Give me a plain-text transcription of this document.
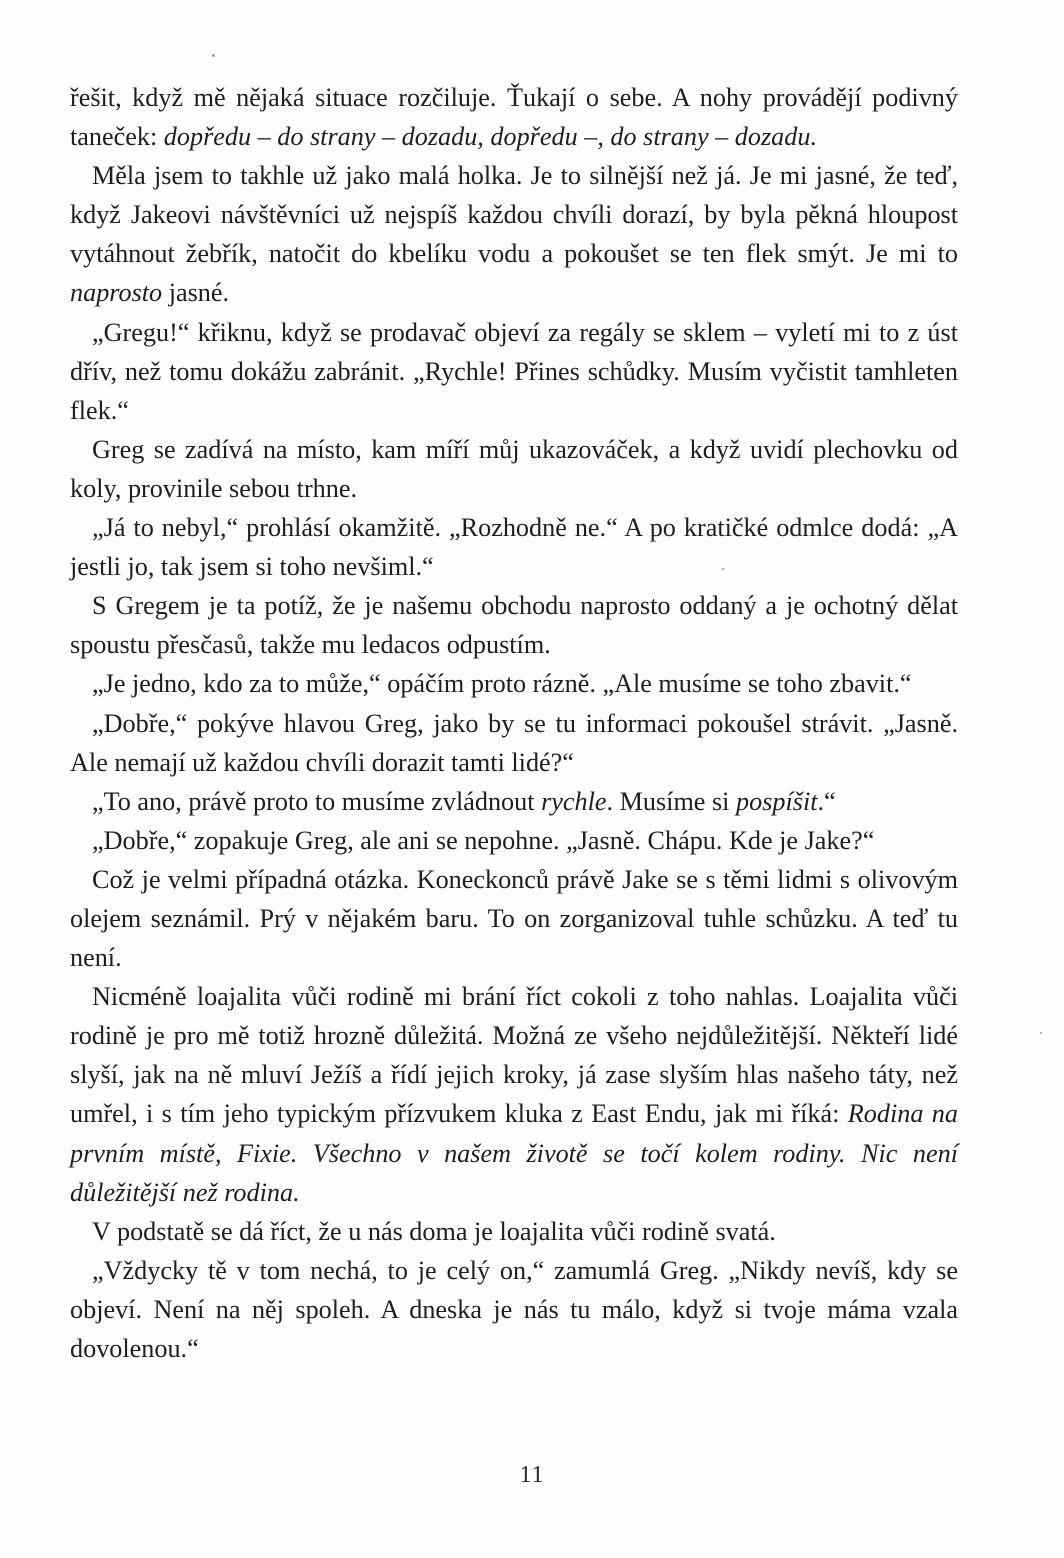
řešit, když mě nějaká situace rozčiluje. Ťukají o sebe. A nohy provádějí podivný taneček: dopředu – do strany – dozadu, dopředu –, do strany – dozadu.

Měla jsem to takhle už jako malá holka. Je to silnější než já. Je mi jasné, že teď, když Jakeovi návštěvníci už nejspíš každou chvíli dorazí, by byla pěkná hloupost vytáhnout žebřík, natočit do kbelíku vodu a pokoušet se ten flek smýt. Je mi to naprosto jasné.

„Gregu!“ křiknu, když se prodavač objeví za regály se sklem – vyletí mi to z úst dřív, než tomu dokážu zabránit. „Rychle! Přines schůdky. Musím vyčistit tamhleten flek.“

Greg se zadívá na místo, kam míří můj ukazováček, a když uvidí plechovku od koly, provinile sebou trhne.

„Já to nebyl,“ prohlásí okamžitě. „Rozhodně ne.“ A po kratičké odmlce dodá: „A jestli jo, tak jsem si toho nevšiml.“

S Gregem je ta potíž, že je našemu obchodu naprosto oddaný a je ochotný dělat spoustu přesčasů, takže mu ledacos odpustím.

„Je jedno, kdo za to může,“ opáčím proto rázně. „Ale musíme se toho zbavit.“

„Dobře,“ pokýve hlavou Greg, jako by se tu informaci pokoušel strávit. „Jasně. Ale nemají už každou chvíli dorazit tamti lidé?“

„To ano, právě proto to musíme zvládnout rychle. Musíme si pospíšit.“

„Dobře,“ zopakuje Greg, ale ani se nepohne. „Jasně. Chápu. Kde je Jake?“

Což je velmi případná otázka. Koneckonců právě Jake se s těmi lidmi s olivovým olejem seznámil. Prý v nějakém baru. To on zorganizoval tuhle schůzku. A teď tu není.

Nicméně loajalita vůči rodině mi brání říct cokoli z toho nahlas. Loajalita vůči rodině je pro mě totiž hrozně důležitá. Možná ze všeho nejdůležitější. Někteří lidé slyší, jak na ně mluví Ježíš a řídí jejich kroky, já zase slyším hlas našeho táty, než umřel, i s tím jeho typickým přízvukem kluka z East Endu, jak mi říká: Rodina na prvním místě, Fixie. Všechno v našem životě se točí kolem rodiny. Nic není důležitější než rodina.

V podstatě se dá říct, že u nás doma je loajalita vůči rodině svatá.

„Vždycky tě v tom nechá, to je celý on,“ zamumlá Greg. „Nikdy nevíš, kdy se objeví. Není na něj spoleh. A dneska je nás tu málo, když si tvoje máma vzala dovolenou.“

11
